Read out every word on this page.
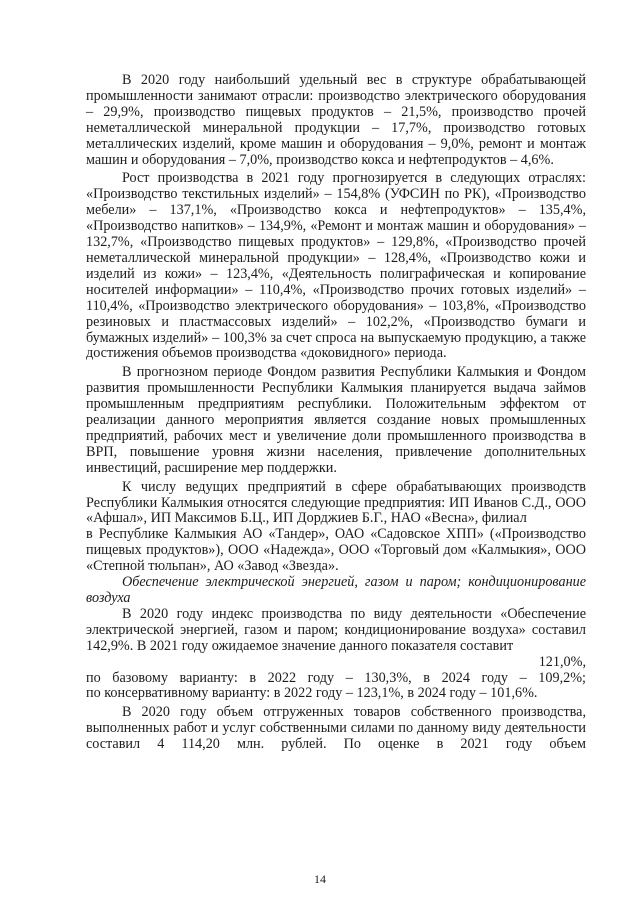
В 2020 году наибольший удельный вес в структуре обрабатывающей промышленности занимают отрасли: производство электрического оборудования – 29,9%, производство пищевых продуктов – 21,5%, производство прочей неметаллической минеральной продукции – 17,7%, производство готовых металлических изделий, кроме машин и оборудования – 9,0%, ремонт и монтаж машин и оборудования – 7,0%, производство кокса и нефтепродуктов – 4,6%.

Рост производства в 2021 году прогнозируется в следующих отраслях: «Производство текстильных изделий» – 154,8% (УФСИН по РК), «Производство мебели» – 137,1%, «Производство кокса и нефтепродуктов» – 135,4%, «Производство напитков» – 134,9%, «Ремонт и монтаж машин и оборудования» – 132,7%, «Производство пищевых продуктов» – 129,8%, «Производство прочей неметаллической минеральной продукции» – 128,4%, «Производство кожи и изделий из кожи» – 123,4%, «Деятельность полиграфическая и копирование носителей информации» – 110,4%, «Производство прочих готовых изделий» – 110,4%, «Производство электрического оборудования» – 103,8%, «Производство резиновых и пластмассовых изделий» – 102,2%, «Производство бумаги и бумажных изделий» – 100,3% за счет спроса на выпускаемую продукцию, а также достижения объемов производства «доковидного» периода.

В прогнозном периоде Фондом развития Республики Калмыкия и Фондом развития промышленности Республики Калмыкия планируется выдача займов промышленным предприятиям республики. Положительным эффектом от реализации данного мероприятия является создание новых промышленных предприятий, рабочих мест и увеличение доли промышленного производства в ВРП, повышение уровня жизни населения, привлечение дополнительных инвестиций, расширение мер поддержки.

К числу ведущих предприятий в сфере обрабатывающих производств Республики Калмыкия относятся следующие предприятия: ИП Иванов С.Д., ООО «Афшал», ИП Максимов Б.Ц., ИП Дорджиев Б.Г., НАО «Весна», филиал

в Республике Калмыкия АО «Тандер», ОАО «Садовское ХПП» («Производство пищевых продуктов»), ООО «Надежда», ООО «Торговый дом «Калмыкия», ООО «Степной тюльпан», АО «Завод «Звезда».

Обеспечение электрической энергией, газом и паром; кондиционирование воздуха

В 2020 году индекс производства по виду деятельности «Обеспечение электрической энергией, газом и паром; кондиционирование воздуха» составил 142,9%. В 2021 году ожидаемое значение данного показателя составит

121,0%,

по базовому варианту: в 2022 году – 130,3%, в 2024 году – 109,2%;

по консервативному варианту: в 2022 году – 123,1%, в 2024 году – 101,6%.

В 2020 году объем отгруженных товаров собственного производства, выполненных работ и услуг собственными силами по данному виду деятельности составил 4 114,20 млн. рублей. По оценке в 2021 году объем

14
